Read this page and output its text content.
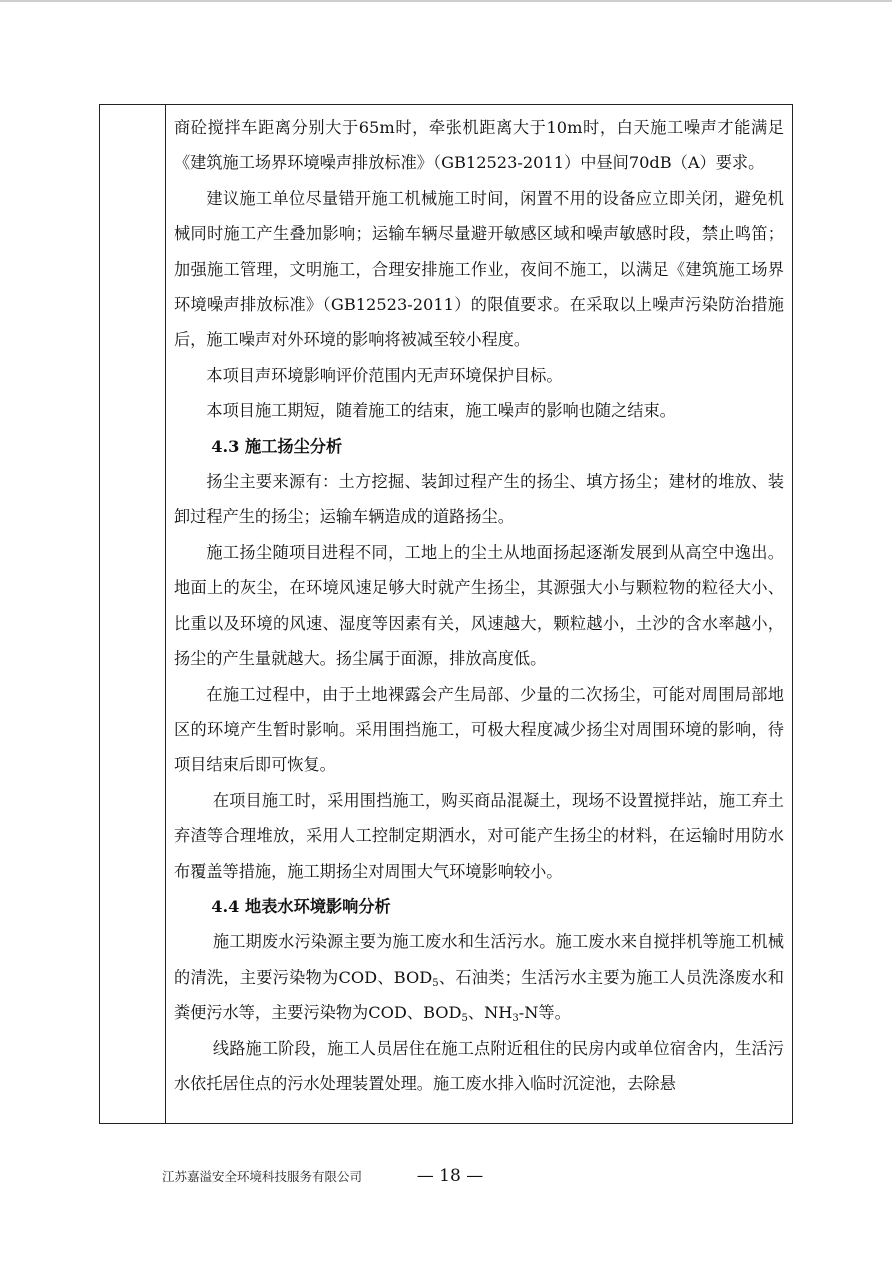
商砼搅拌车距离分别大于65m时，牵张机距离大于10m时，白天施工噪声才能满足《建筑施工场界环境噪声排放标准》（GB12523-2011）中昼间70dB（A）要求。

建议施工单位尽量错开施工机械施工时间，闲置不用的设备应立即关闭，避免机械同时施工产生叠加影响；运输车辆尽量避开敏感区域和噪声敏感时段，禁止鸣笛；加强施工管理，文明施工，合理安排施工作业，夜间不施工，以满足《建筑施工场界环境噪声排放标准》（GB12523-2011）的限值要求。在采取以上噪声污染防治措施后，施工噪声对外环境的影响将被减至较小程度。

本项目声环境影响评价范围内无声环境保护目标。

本项目施工期短，随着施工的结束，施工噪声的影响也随之结束。

4.3 施工扬尘分析

扬尘主要来源有：土方挖掘、装卸过程产生的扬尘、填方扬尘；建材的堆放、装卸过程产生的扬尘；运输车辆造成的道路扬尘。

施工扬尘随项目进程不同，工地上的尘土从地面扬起逐渐发展到从高空中逸出。地面上的灰尘，在环境风速足够大时就产生扬尘，其源强大小与颗粒物的粒径大小、比重以及环境的风速、湿度等因素有关，风速越大，颗粒越小，土沙的含水率越小，扬尘的产生量就越大。扬尘属于面源，排放高度低。

在施工过程中，由于土地裸露会产生局部、少量的二次扬尘，可能对周围局部地区的环境产生暂时影响。采用围挡施工，可极大程度减少扬尘对周围环境的影响，待项目结束后即可恢复。

在项目施工时，采用围挡施工，购买商品混凝土，现场不设置搅拌站，施工弃土弃渣等合理堆放，采用人工控制定期洒水，对可能产生扬尘的材料，在运输时用防水布覆盖等措施，施工期扬尘对周围大气环境影响较小。

4.4 地表水环境影响分析

施工期废水污染源主要为施工废水和生活污水。施工废水来自搅拌机等施工机械的清洗，主要污染物为COD、$BOD_5$、石油类；生活污水主要为施工人员洗涤废水和粪便污水等，主要污染物为COD、$BOD_5$、$NH_3-N$等。

线路施工阶段，施工人员居住在施工点附近租住的民房内或单位宿舍内，生活污水依托居住点的污水处理装置处理。施工废水排入临时沉淀池，去除悬

江苏嘉溢安全环境科技服务有限公司	— 18 —
